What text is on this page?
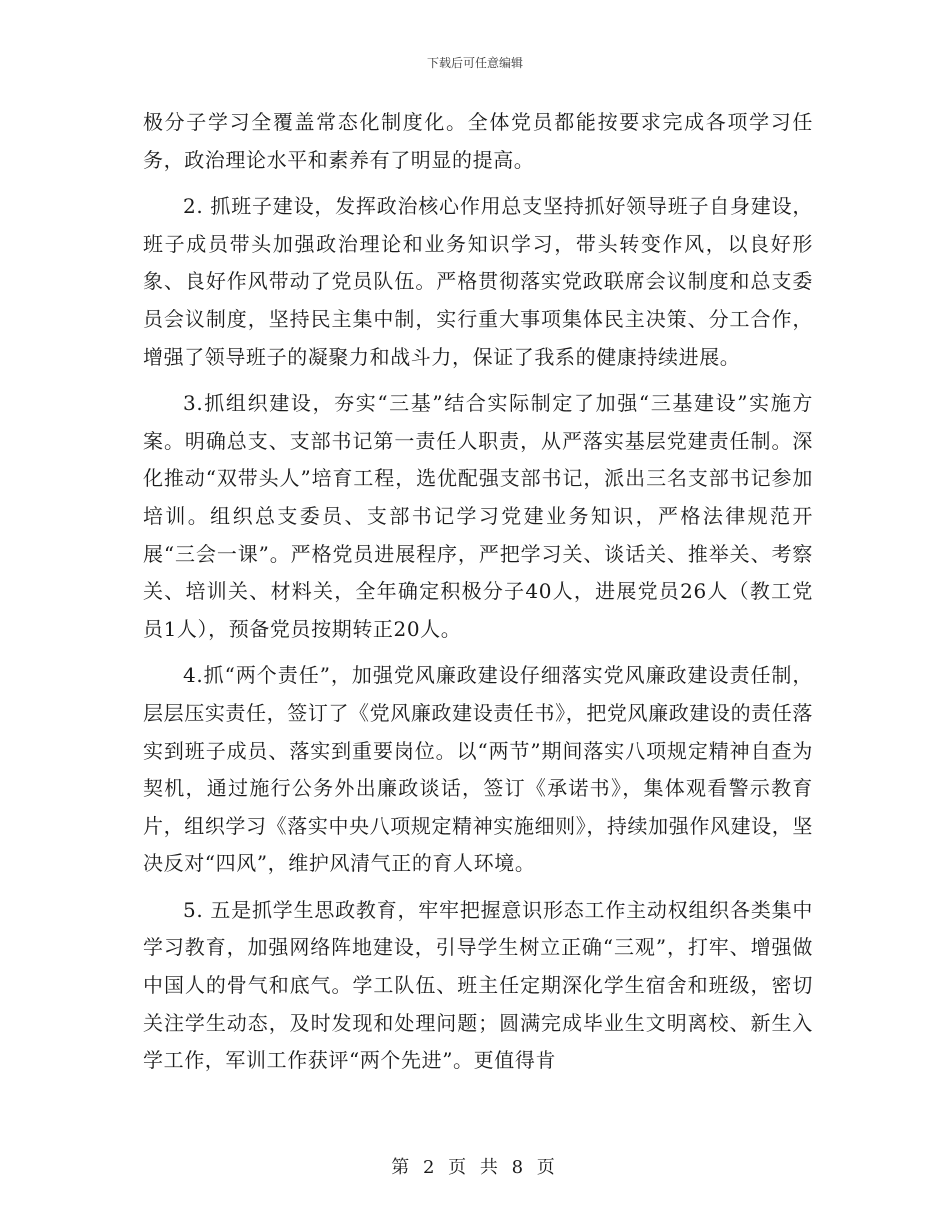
下载后可任意编辑

极分子学习全覆盖常态化制度化。全体党员都能按要求完成各项学习任务，政治理论水平和素养有了明显的提高。

2. 抓班子建设，发挥政治核心作用总支坚持抓好领导班子自身建设，班子成员带头加强政治理论和业务知识学习，带头转变作风，以良好形象、良好作风带动了党员队伍。严格贯彻落实党政联席会议制度和总支委员会议制度，坚持民主集中制，实行重大事项集体民主决策、分工合作，增强了领导班子的凝聚力和战斗力，保证了我系的健康持续进展。

3.抓组织建设，夯实“三基”结合实际制定了加强“三基建设”实施方案。明确总支、支部书记第一责任人职责，从严落实基层党建责任制。深化推动“双带头人”培育工程，选优配强支部书记，派出三名支部书记参加培训。组织总支委员、支部书记学习党建业务知识，严格法律规范开展“三会一课”。严格党员进展程序，严把学习关、谈话关、推举关、考察关、培训关、材料关，全年确定积极分子40人，进展党员26人（教工党员1人），预备党员按期转正20人。

4.抓“两个责任”，加强党风廉政建设仔细落实党风廉政建设责任制，层层压实责任，签订了《党风廉政建设责任书》，把党风廉政建设的责任落实到班子成员、落实到重要岗位。以“两节”期间落实八项规定精神自查为契机，通过施行公务外出廉政谈话，签订《承诺书》，集体观看警示教育片，组织学习《落实中央八项规定精神实施细则》，持续加强作风建设，坚决反对“四风”，维护风清气正的育人环境。

5. 五是抓学生思政教育，牢牢把握意识形态工作主动权组织各类集中学习教育，加强网络阵地建设，引导学生树立正确“三观”，打牢、增强做中国人的骨气和底气。学工队伍、班主任定期深化学生宿舍和班级，密切关注学生动态，及时发现和处理问题；圆满完成毕业生文明离校、新生入学工作，军训工作获评“两个先进”。更值得肯

第 2 页 共 8 页
